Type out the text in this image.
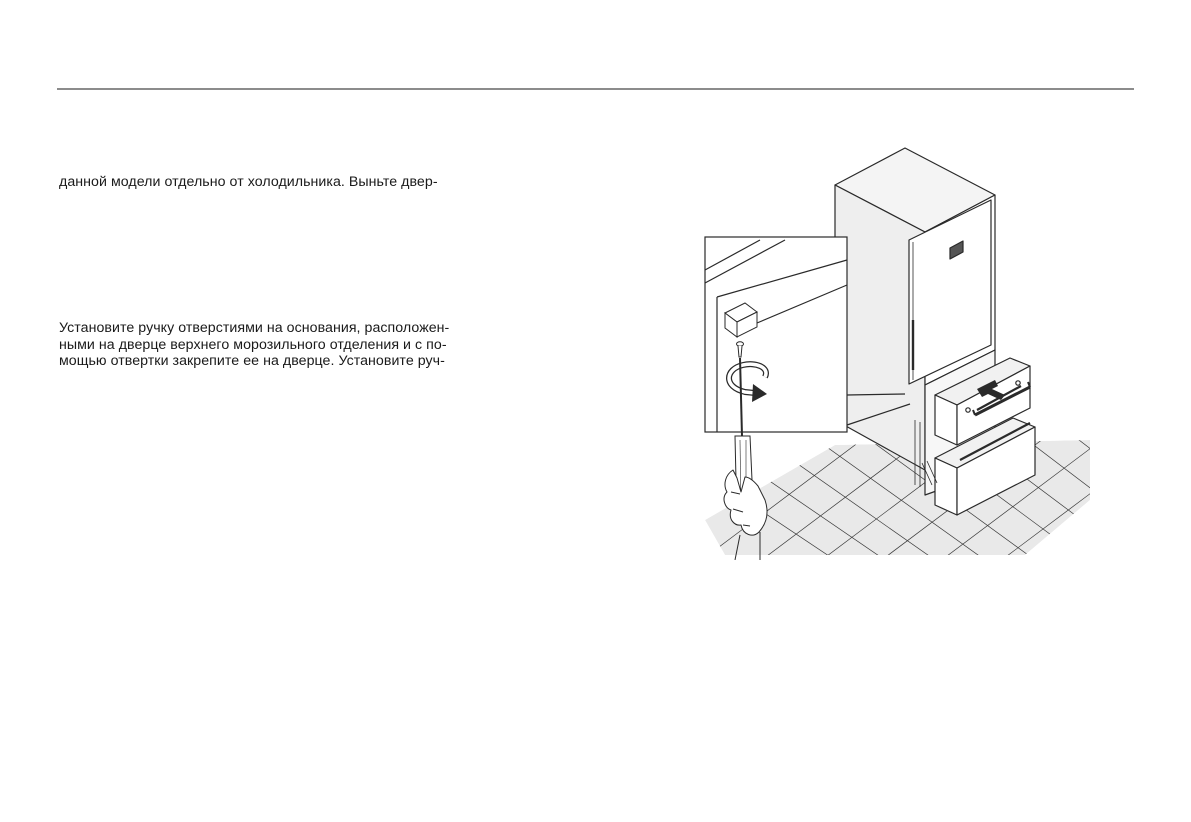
данной модели отдельно от холодильника. Выньте двер-
Установите ручку отверстиями на основания, расположен-
ными на дверце верхнего морозильного отделения и с по-
мощью отвертки закрепите ее на дверце. Установите руч-
